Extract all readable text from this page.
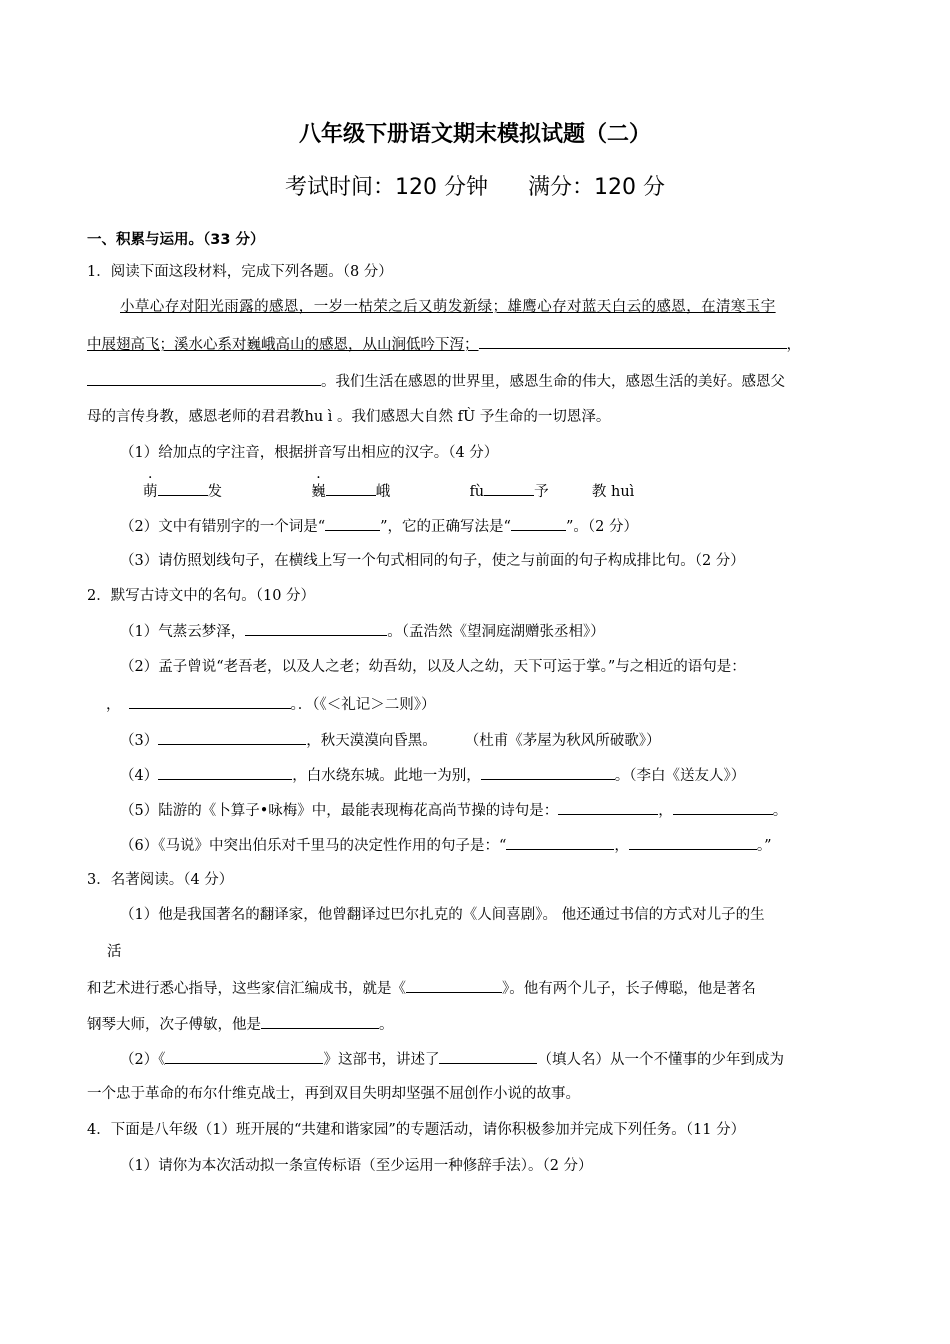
八年级下册语文期末模拟试题（二）
考试时间：120 分钟 满分：120 分
一、积累与运用。（33 分）
1．阅读下面这段材料，完成下列各题。（8 分）
小草心存对阳光雨露的感恩，一岁一枯荣之后又萌发新绿；雄鹰心存对蓝天白云的感恩，在清寒玉宇
中展翅高飞；溪水心系对巍峨高山的感恩，从山涧低吟下泻；	，
。我们生活在感恩的世界里，感恩生命的伟大，感恩生活的美好。感恩父
母的言传身教，感恩老师的君君教hu ì 。我们感恩大自然 fÙ 予生命的一切恩泽。
（1）给加点的字注音，根据拼音写出相应的汉字。（4 分）
萌	发	巍	峨	fù	予	教 huì
（2）文中有错别字的一个词是“	”，它的正确写法是“	”。（2 分）
（3）请仿照划线句子，在横线上写一个句式相同的句子，使之与前面的句子构成排比句。（2 分）
2．默写古诗文中的名句。（10 分）
（1）气蒸云梦泽，	。（孟浩然《望洞庭湖赠张丞相》）
（2）孟子曾说“老吾老，以及人之老；幼吾幼，以及人之幼，天下可运于掌。”与之相近的语句是：
，	。．（《＜礼记＞二则》）
（3）	，秋天漠漠向昏黑。 （杜甫《茅屋为秋风所破歌》）
（4）	，白水绕东城。此地一为别，	。（李白《送友人》）
（5）陆游的《卜算子•咏梅》中，最能表现梅花高尚节操的诗句是：	，	。
（6）《马说》中突出伯乐对千里马的决定性作用的句子是：“	，	。”
3．名著阅读。（4 分）
（1）他是我国著名的翻译家，他曾翻译过巴尔扎克的《人间喜剧》。 他还通过书信的方式对儿子的生
活
和艺术进行悉心指导，这些家信汇编成书，就是《	》。他有两个儿子，长子傅聪，他是著名
钢琴大师，次子傅敏，他是	。
（2）《	》这部书，讲述了	（填人名）从一个不懂事的少年到成为
一个忠于革命的布尔什维克战士，再到双目失明却坚强不屈创作小说的故事。
4．下面是八年级（1）班开展的“共建和谐家园”的专题活动，请你积极参加并完成下列任务。（11 分）
（1）请你为本次活动拟一条宣传标语（至少运用一种修辞手法）。（2 分）
